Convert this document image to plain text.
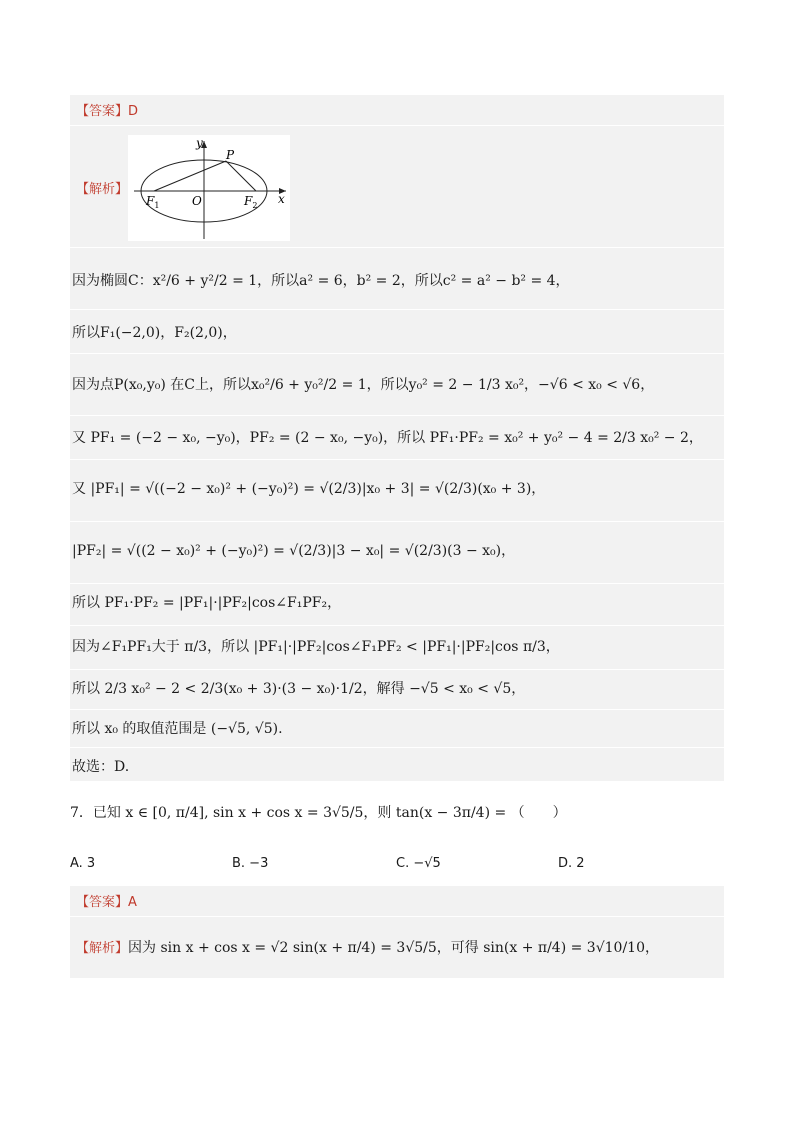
【答案】D
【解析】
y
x
P
O
$F_1$	$F_2$
因为椭圆C：x²/6 + y²/2 = 1，所以a² = 6，b² = 2，所以c² = a² − b² = 4，
所以F₁(−2,0)，F₂(2,0)，
因为点P(x₀,y₀) 在C上，所以x₀²/6 + y₀²/2 = 1，所以y₀² = 2 − 1/3 x₀²，−√6 < x₀ < √6，
又 PF₁ = (−2 − x₀, −y₀)，PF₂ = (2 − x₀, −y₀)，所以 PF₁·PF₂ = x₀² + y₀² − 4 = 2/3 x₀² − 2，
又 |PF₁| = √((−2 − x₀)² + (−y₀)²) = √(2/3)|x₀ + 3| = √(2/3)(x₀ + 3)，
|PF₂| = √((2 − x₀)² + (−y₀)²) = √(2/3)|3 − x₀| = √(2/3)(3 − x₀)，
所以 PF₁·PF₂ = |PF₁|·|PF₂|cos∠F₁PF₂，
因为∠F₁PF₁大于 π/3，所以 |PF₁|·|PF₂|cos∠F₁PF₂ < |PF₁|·|PF₂|cos π/3，
所以 2/3 x₀² − 2 < 2/3(x₀ + 3)·(3 − x₀)·1/2，解得 −√5 < x₀ < √5，
所以 x₀ 的取值范围是 (−√5, √5).
故选：D.
7．已知 x ∈ [0, π/4], sin x + cos x = 3√5/5，则 tan(x − 3π/4) = （　　）
A. 3	B. −3	C. −√5	D. 2
【答案】A
【解析】因为 sin x + cos x = √2 sin(x + π/4) = 3√5/5，可得 sin(x + π/4) = 3√10/10，
